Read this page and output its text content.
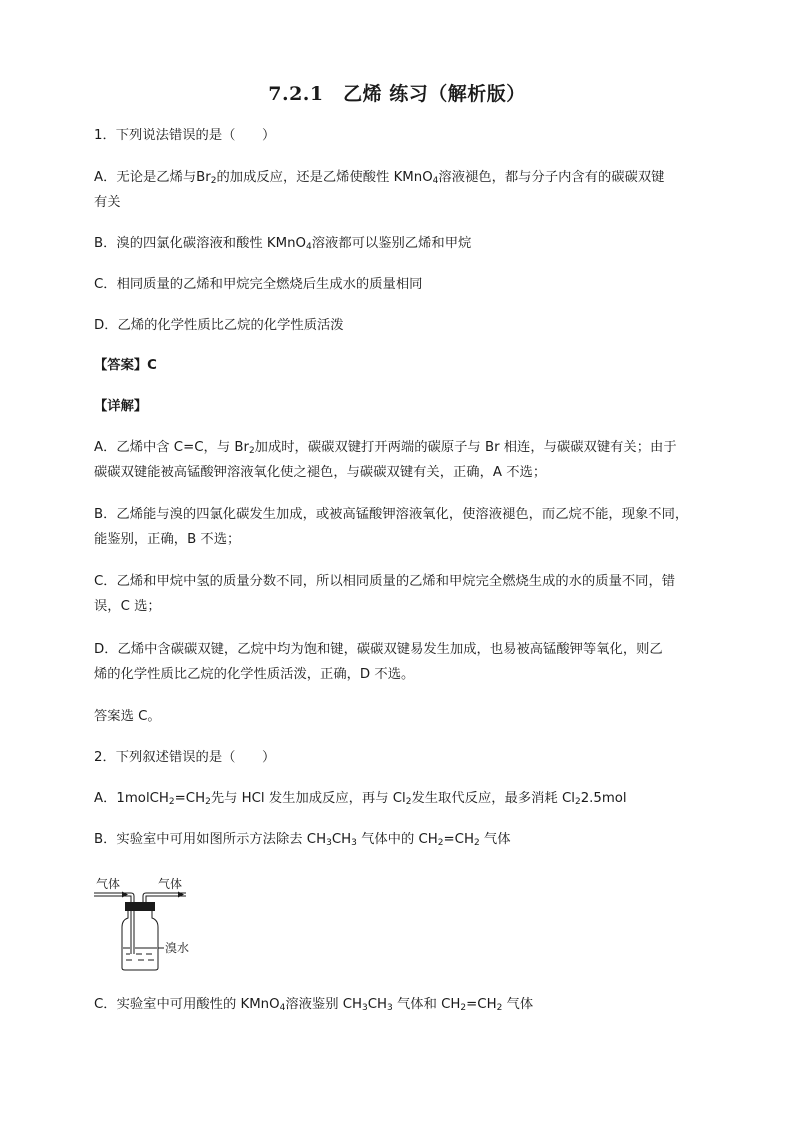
7.2.1　乙烯 练习（解析版）
1．下列说法错误的是（　　）
A．无论是乙烯与$Br_2$的加成反应，还是乙烯使酸性 KMnO$_4$溶液褪色，都与分子内含有的碳碳双键
有关
B．溴的四氯化碳溶液和酸性 KMnO$_4$溶液都可以鉴别乙烯和甲烷
C．相同质量的乙烯和甲烷完全燃烧后生成水的质量相同
D．乙烯的化学性质比乙烷的化学性质活泼
【答案】C
【详解】
A．乙烯中含 C=C，与 $Br_2$加成时，碳碳双键打开两端的碳原子与 Br 相连，与碳碳双键有关；由于
碳碳双键能被高锰酸钾溶液氧化使之褪色，与碳碳双键有关，正确，A 不选；
B．乙烯能与溴的四氯化碳发生加成，或被高锰酸钾溶液氧化，使溶液褪色，而乙烷不能，现象不同，
能鉴别，正确，B 不选；
C．乙烯和甲烷中氢的质量分数不同，所以相同质量的乙烯和甲烷完全燃烧生成的水的质量不同，错
误，C 选；
D．乙烯中含碳碳双键，乙烷中均为饱和键，碳碳双键易发生加成，也易被高锰酸钾等氧化，则乙
烯的化学性质比乙烷的化学性质活泼，正确，D 不选。
答案选 C。
2．下列叙述错误的是（　　）
A．$1molCH_2=CH_2$先与 HCl 发生加成反应，再与 $Cl_2$发生取代反应，最多消耗 $Cl_22.5mol$
B．实验室中可用如图所示方法除去 $CH_3CH_3$ 气体中的 $CH_2=CH_2$ 气体
气体	气体
溴水
C．实验室中可用酸性的 KMnO$_4$溶液鉴别 $CH_3CH_3$ 气体和 $CH_2=CH_2$ 气体
